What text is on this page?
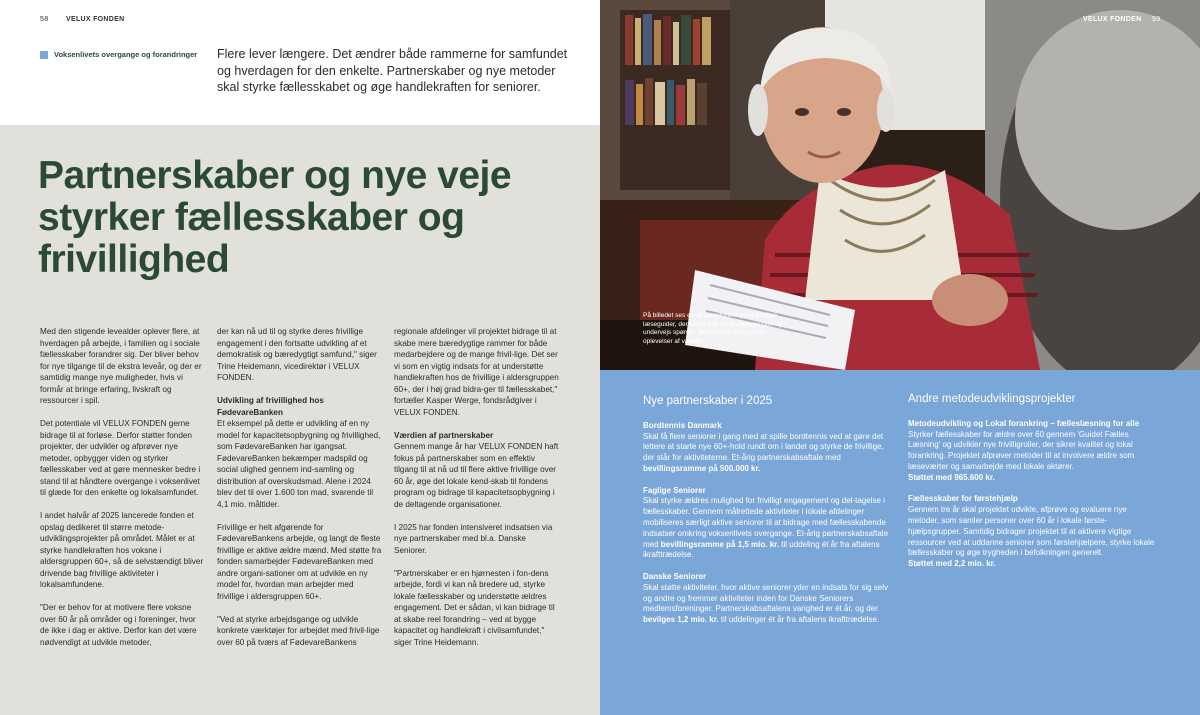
58	VELUX FONDEN
Voksenlivets overgange og forandringer Flere lever længere. Det ændrer både rammerne for samfundet og hverdagen for den enkelte. Partnerskaber og nye metoder skal styrke fællesskabet og øge handlekraften for seniorer.

Partnerskaber og nye veje styrker fællesskaber og frivillighed

Med den stigende levealder oplever flere, at hverdagen på arbejde, i familien og i sociale fællesskaber forandrer sig. Der bliver behov for nye tilgange til de ekstra leveår, og der er samtidig mange nye muligheder, hvis vi formår at bringe erfaring, livskraft og ressourcer i spil.

Det potentiale vil VELUX FONDEN gerne bidrage til at forløse. Derfor støtter fonden projekter, der udvikler og afprøver nye metoder, opbygger viden og styrker fællesskaber ved at gøre mennesker bedre i stand til at håndtere overgange i voksenlivet til glæde for den enkelte og lokalsamfundet.

I andet halvår af 2025 lancerede fonden et opslag dedikeret til større metode-udviklingsprojekter på området. Målet er at styrke handlekraften hos voksne i aldersgruppen 60+, så de selvstændigt bliver drivende bag frivillige aktiviteter i lokalsamfundene.

"Der er behov for at motivere flere voksne over 60 år på områder og i foreninger, hvor de ikke i dag er aktive. Derfor kan det være nødvendigt at udvikle metoder,

der kan nå ud til og styrke deres frivillige engagement i den fortsatte udvikling af et demokratisk og bæredygtigt samfund," siger Trine Heidemann, vicedirektør i VELUX FONDEN.

Udvikling af frivillighed hos FødevareBanken

Et eksempel på dette er udvikling af en ny model for kapacitetsopbygning og frivillighed, som FødevareBanken har igangsat. FødevareBanken bekæmper madspild og social ulighed gennem ind-samling og distribution af overskudsmad. Alene i 2024 blev det til over 1.600 ton mad, svarende til 4,1 mio. måltider.

Frivillige er helt afgørende for FødevareBankens arbejde, og langt de fleste frivillige er aktive ældre mænd. Med støtte fra fonden samarbejder FødevareBanken med andre organi-sationer om at udvikle en ny model for, hvordan man arbejder med frivillige i aldersgruppen 60+.

"Ved at styrke arbejdsgange og udvikle konkrete værktøjer for arbejdet med frivil-lige over 60 på tværs af FødevareBankens

regionale afdelinger vil projektet bidrage til at skabe mere bæredygtige rammer for både medarbejdere og de mange frivil-lige. Det ser vi som en vigtig indsats for at understøtte handlekraften hos de frivillige i aldersgruppen 60+, der i høj grad bidra-ger til fællesskabet," fortæller Kasper Werge, fondsrådgiver i VELUX FONDEN.

Værdien af partnerskaber

Gennem mange år har VELUX FONDEN haft fokus på partnerskaber som en effektiv tilgang til at nå ud til flere aktive frivillige over 60 år, øge det lokale kend-skab til fondens program og bidrage til kapacitetsopbygning i de deltagende organisationer.

I 2025 har fonden intensiveret indsatsen via nye partnerskaber med bl.a. Danske Seniorer.

"Partnerskaber er en hjørnesten i fon-dens arbejde, fordi vi kan nå bredere ud, styrke lokale fællesskaber og understøtte ældres engagement. Det er sådan, vi kan bidrage til at skabe reel forandring – ved at bygge kapacitet og handlekraft i civilsamfundet," siger Trine Heidemann.

På billedet ses en af Læseforeningens frivillige læseguider, der læser højt for en læsegruppe og undervejs spørger åbent ind til deltagernes oplevelser af værket.

VELUX FONDEN 59
Nye partnerskaber i 2025
Bordtennis Danmark

Skal få flere seniorer i gang med at spille bordtennis ved at gøre det lettere at starte nye 60+-hold rundt om i landet og styrke de frivillige, der står for aktiviteterne. Et-årig partnerskabsaftale med bevillingsramme på 500.000 kr.

Faglige Seniorer

Skal styrke ældres mulighed for frivilligt engagement og del-tagelse i fællesskaber. Gennem målrettede aktiviteter i lokale afdelinger mobiliseres særligt aktive seniorer til at bidrage med fællesskabende indsatser omkring voksenlivets overgange. Et-årig partnerskabsaftale med bevillingsramme på 1,5 mio. kr. til uddeling ét år fra aftalens ikrafttrædelse.

Danske Seniorer

Skal støtte aktiviteter, hvor aktive seniorer yder en indsats for sig selv og andre og fremmer aktiviteter inden for Danske Seniorers medlemsforeninger. Partnerskabsaftalens varighed er ét år, og der bevilges 1,2 mio. kr. til uddelinger ét år fra aftalens ikrafttrædelse.

Andre metodeudviklingsprojekter
Metodeudvikling og Lokal forankring – fælleslæsning for alle

Styrker fællesskaber for ældre over 60 gennem 'Guidet Fælles Læsning' og udvikler nye frivilligroller, der sikrer kvalitet og lokal forankring. Projektet afprøver metoder til at involvere ældre som læseværter og samarbejde med lokale aktører.
Støttet med 965.600 kr.

Fællesskaber for førstehjælp

Gennem tre år skal projektet udvikle, afprøve og evaluere nye metoder, som samler personer over 60 år i lokale første-hjælpsgrupper. Samtidig bidrager projektet til at aktivere vigtige ressourcer ved at uddanne seniorer som førstehjælpere, styrke lokale fællesskaber og øge trygheden i befolkningen generelt.
Støttet med 2,2 mio. kr.
